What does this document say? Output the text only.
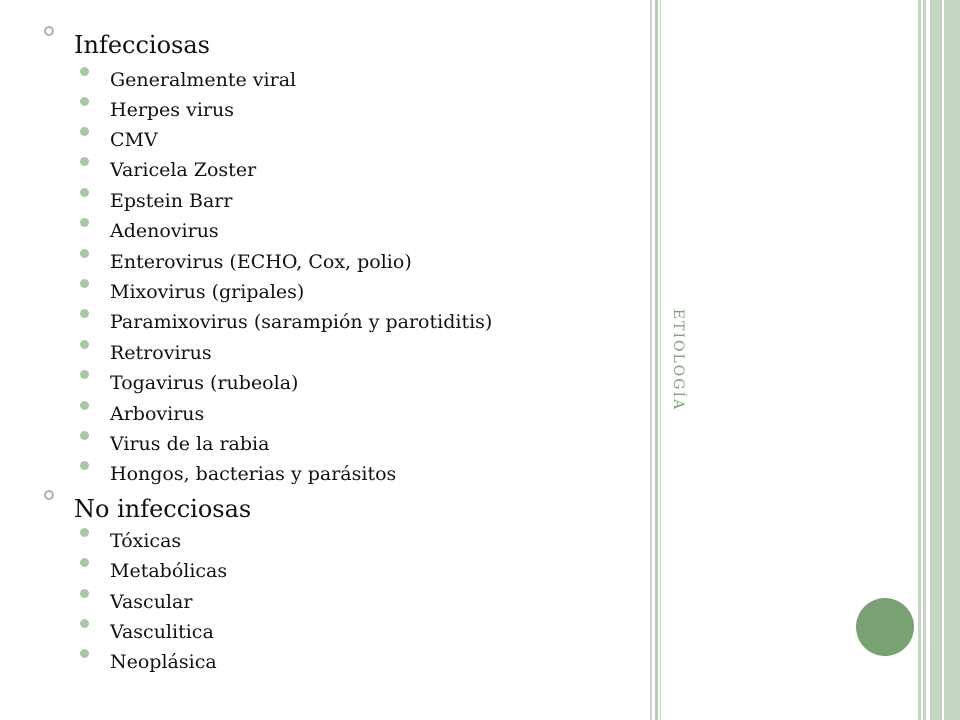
Infecciosas
Generalmente viral
Herpes virus
CMV
Varicela Zoster
Epstein Barr
Adenovirus
Enterovirus (ECHO, Cox, polio)
Mixovirus (gripales)
Paramixovirus (sarampión y parotiditis)
Retrovirus
Togavirus (rubeola)
Arbovirus
Virus de la rabia
Hongos, bacterias y parásitos
No infecciosas
Tóxicas
Metabólicas
Vascular
Vasculitica
Neoplásica
ETIOLOGÍA
